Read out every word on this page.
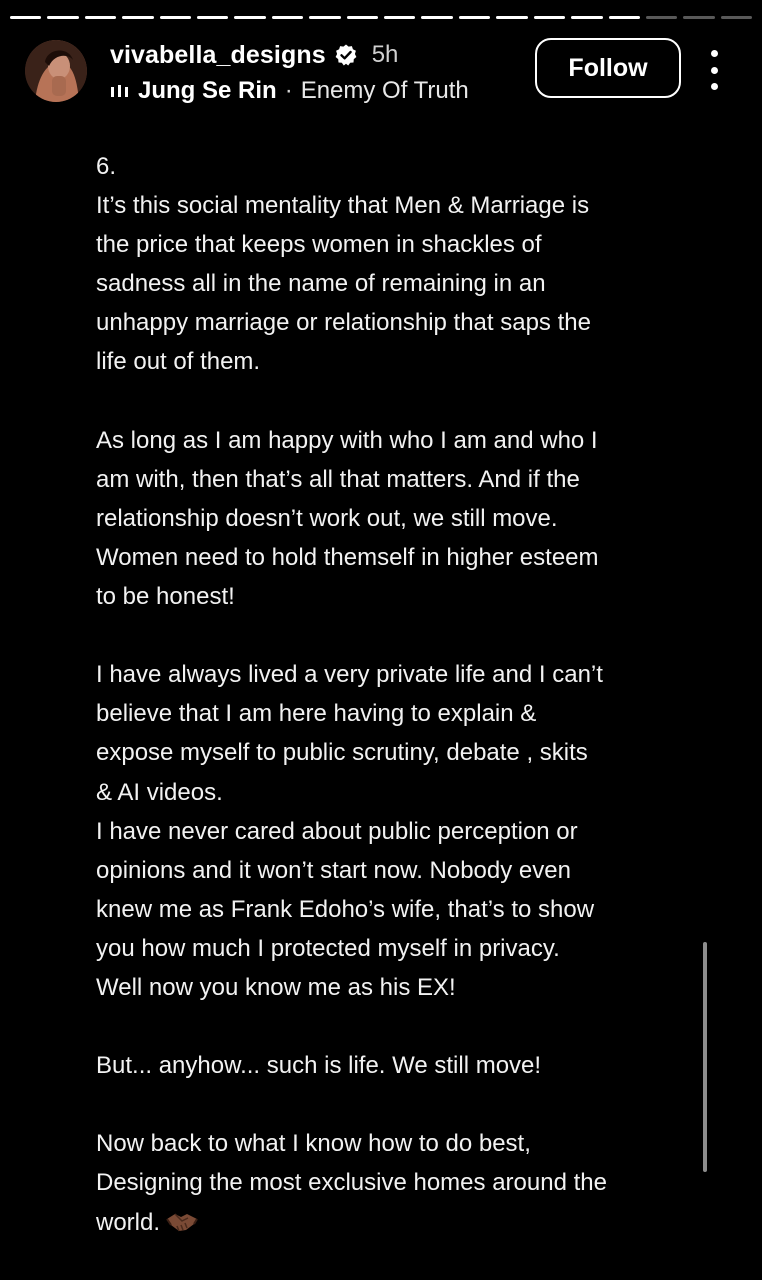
vivabella_designs 5h
Jung Se Rin · Enemy Of Truth
Follow
6.
It’s this social mentality that Men & Marriage is
the price that keeps women in shackles of
sadness all in the name of remaining in an
unhappy marriage or relationship that saps the
life out of them.
As long as I am happy with who I am and who I
am with, then that’s all that matters. And if the
relationship doesn’t work out, we still move.
Women need to hold themself in higher esteem
to be honest!
I have always lived a very private life and I can’t
believe that I am here having to explain &
expose myself to public scrutiny, debate , skits
& AI videos.
I have never cared about public perception or
opinions and it won’t start now. Nobody even
knew me as Frank Edoho’s wife, that’s to show
you how much I protected myself in privacy.
Well now you know me as his EX!
But... anyhow... such is life. We still move!
Now back to what I know how to do best,
Designing the most exclusive homes around the
world.
